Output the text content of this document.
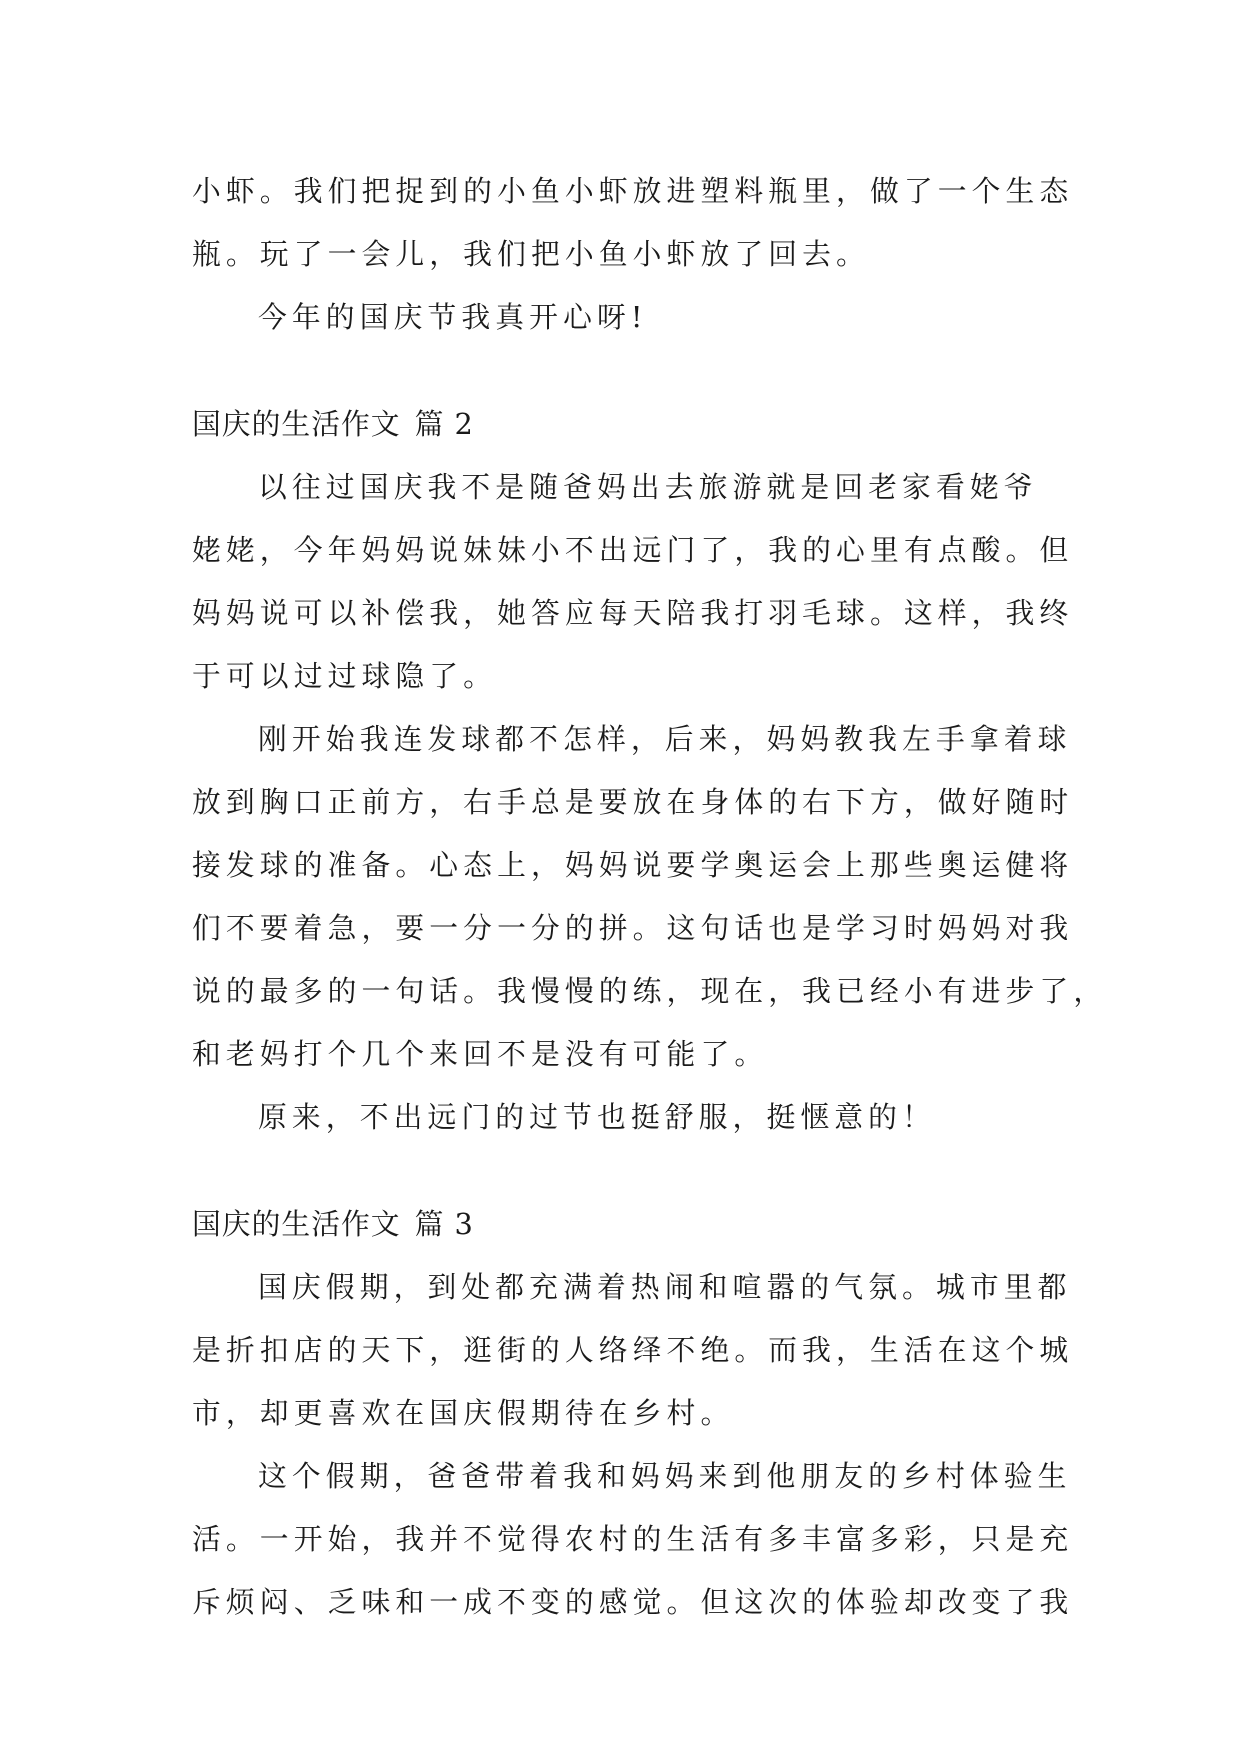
小虾。我们把捉到的小鱼小虾放进塑料瓶里，做了一个生态
瓶。玩了一会儿，我们把小鱼小虾放了回去。
今年的国庆节我真开心呀!
国庆的生活作文 篇 2
以往过国庆我不是随爸妈出去旅游就是回老家看姥爷
姥姥，今年妈妈说妹妹小不出远门了，我的心里有点酸。但
妈妈说可以补偿我，她答应每天陪我打羽毛球。这样，我终
于可以过过球隐了。
刚开始我连发球都不怎样，后来，妈妈教我左手拿着球
放到胸口正前方，右手总是要放在身体的右下方，做好随时
接发球的准备。心态上，妈妈说要学奥运会上那些奥运健将
们不要着急，要一分一分的拼。这句话也是学习时妈妈对我
说的最多的一句话。我慢慢的练，现在，我已经小有进步了，
和老妈打个几个来回不是没有可能了。
原来，不出远门的过节也挺舒服，挺惬意的！
国庆的生活作文 篇 3
国庆假期，到处都充满着热闹和喧嚣的气氛。城市里都
是折扣店的天下，逛街的人络绎不绝。而我，生活在这个城
市，却更喜欢在国庆假期待在乡村。
这个假期，爸爸带着我和妈妈来到他朋友的乡村体验生
活。一开始，我并不觉得农村的生活有多丰富多彩，只是充
斥烦闷、乏味和一成不变的感觉。但这次的体验却改变了我
